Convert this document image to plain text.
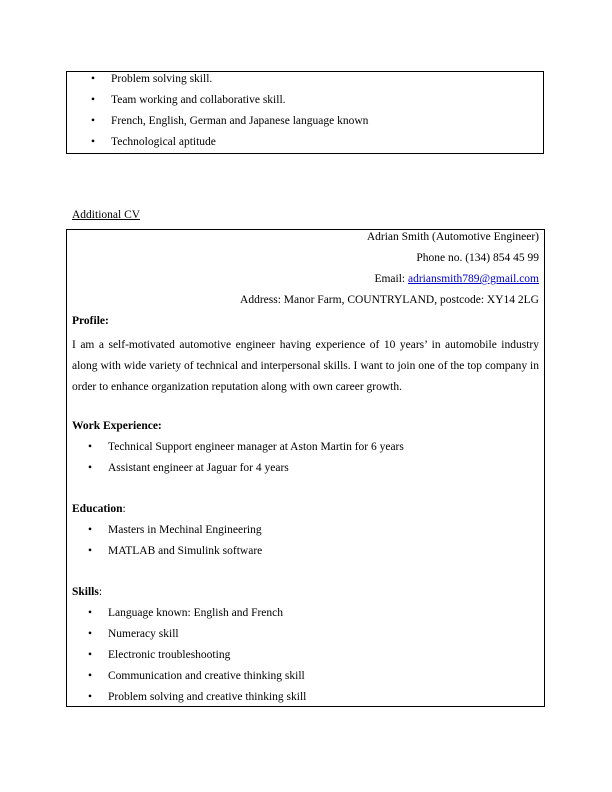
• Problem solving skill.
• Team working and collaborative skill.
• French, English, German and Japanese language known
• Technological aptitude
Additional CV
Adrian Smith (Automotive Engineer)
Phone no. (134) 854 45 99
Email: adriansmith789@gmail.com
Address: Manor Farm, COUNTRYLAND, postcode: XY14 2LG
Profile:
I am a self-motivated automotive engineer having experience of 10 years’ in automobile industry along with wide variety of technical and interpersonal skills. I want to join one of the top company in order to enhance organization reputation along with own career growth.
Work Experience:
• Technical Support engineer manager at Aston Martin for 6 years
• Assistant engineer at Jaguar for 4 years
Education:
• Masters in Mechinal Engineering
• MATLAB and Simulink software
Skills:
• Language known: English and French
• Numeracy skill
• Electronic troubleshooting
• Communication and creative thinking skill
• Problem solving and creative thinking skill
